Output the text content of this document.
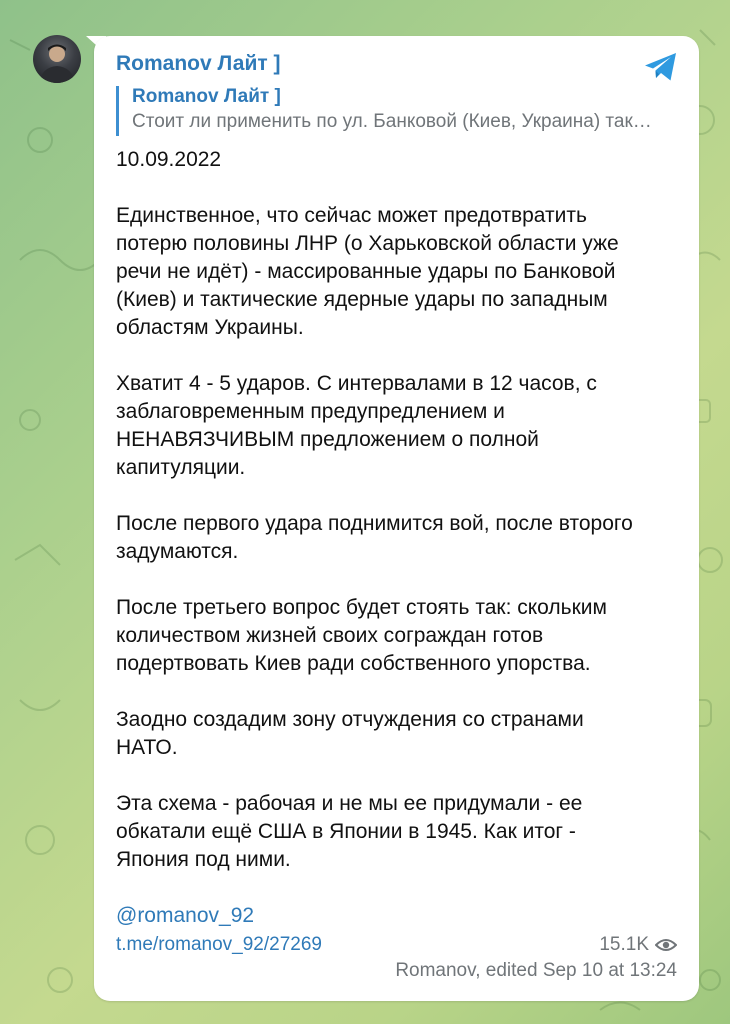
Romanov Лайт ]
Romanov Лайт ]
Стоит ли применить по ул. Банковой (Киев, Украина) так…

10.09.2022

Единственное, что сейчас может предотвратить
потерю половины ЛНР (о Харьковской области уже
речи не идёт) - массированные удары по Банковой
(Киев) и тактические ядерные удары по западным
областям Украины.

Хватит 4 - 5 ударов. С интервалами в 12 часов, с
заблаговременным предупредлением и
НЕНАВЯЗЧИВЫМ предложением о полной
капитуляции.

После первого удара поднимится вой, после второго
задумаются.

После третьего вопрос будет стоять так: скольким
количеством жизней своих сограждан готов
подертвовать Киев ради собственного упорства.

Заодно создадим зону отчуждения со странами
НАТО.

Эта схема - рабочая и не мы ее придумали - ее
обкатали ещё США в Японии в 1945. Как итог -
Япония под ними.

@romanov_92

t.me/romanov_92/27269	15.1K
Romanov, edited Sep 10 at 13:24
